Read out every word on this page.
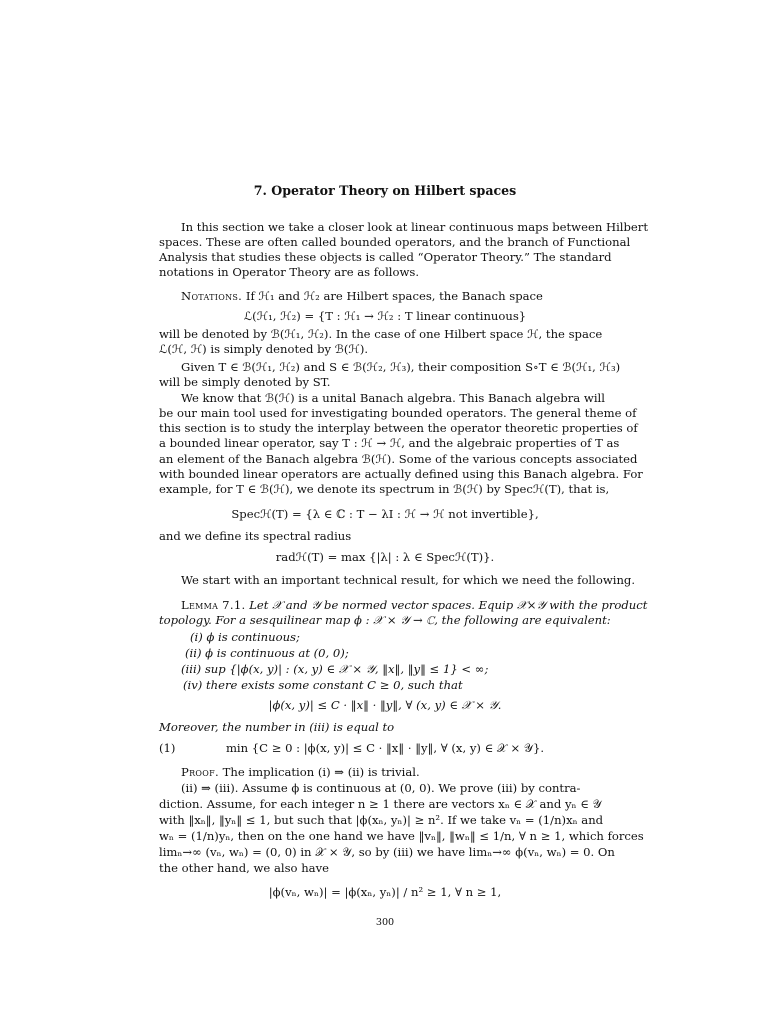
7. Operator Theory on Hilbert spaces
In this section we take a closer look at linear continuous maps between Hilbert
spaces. These are often called bounded operators, and the branch of Functional
Analysis that studies these objects is called “Operator Theory.” The standard
notations in Operator Theory are as follows.
Notations. If ℋ₁ and ℋ₂ are Hilbert spaces, the Banach space
ℒ(ℋ₁, ℋ₂) = {T : ℋ₁ → ℋ₂ : T linear continuous}
will be denoted by ℬ(ℋ₁, ℋ₂). In the case of one Hilbert space ℋ, the space
ℒ(ℋ, ℋ) is simply denoted by ℬ(ℋ).
Given T ∈ ℬ(ℋ₁, ℋ₂) and S ∈ ℬ(ℋ₂, ℋ₃), their composition S∘T ∈ ℬ(ℋ₁, ℋ₃)
will be simply denoted by ST.
We know that ℬ(ℋ) is a unital Banach algebra. This Banach algebra will
be our main tool used for investigating bounded operators. The general theme of
this section is to study the interplay between the operator theoretic properties of
a bounded linear operator, say T : ℋ → ℋ, and the algebraic properties of T as
an element of the Banach algebra ℬ(ℋ). Some of the various concepts associated
with bounded linear operators are actually defined using this Banach algebra. For
example, for T ∈ ℬ(ℋ), we denote its spectrum in ℬ(ℋ) by Specℋ(T), that is,
Specℋ(T) = {λ ∈ ℂ : T − λI : ℋ → ℋ not invertible},
and we define its spectral radius
radℋ(T) = max {|λ| : λ ∈ Specℋ(T)}.
We start with an important technical result, for which we need the following.
Lemma 7.1. Let 𝒳 and 𝒴 be normed vector spaces. Equip 𝒳×𝒴 with the product
topology. For a sesquilinear map ϕ : 𝒳 × 𝒴 → ℂ, the following are equivalent:
(i) ϕ is continuous;
(ii) ϕ is continuous at (0, 0);
(iii) sup {|ϕ(x, y)| : (x, y) ∈ 𝒳 × 𝒴, ‖x‖, ‖y‖ ≤ 1} < ∞;
(iv) there exists some constant C ≥ 0, such that
|ϕ(x, y)| ≤ C · ‖x‖ · ‖y‖, ∀ (x, y) ∈ 𝒳 × 𝒴.
Moreover, the number in (iii) is equal to
(1)	min {C ≥ 0 : |ϕ(x, y)| ≤ C · ‖x‖ · ‖y‖, ∀ (x, y) ∈ 𝒳 × 𝒴}.
Proof. The implication (i) ⇒ (ii) is trivial.
(ii) ⇒ (iii). Assume ϕ is continuous at (0, 0). We prove (iii) by contra-
diction. Assume, for each integer n ≥ 1 there are vectors xₙ ∈ 𝒳 and yₙ ∈ 𝒴
with ‖xₙ‖, ‖yₙ‖ ≤ 1, but such that |ϕ(xₙ, yₙ)| ≥ n². If we take vₙ = (1/n)xₙ and
wₙ = (1/n)yₙ, then on the one hand we have ‖vₙ‖, ‖wₙ‖ ≤ 1/n, ∀ n ≥ 1, which forces
limₙ→∞ (vₙ, wₙ) = (0, 0) in 𝒳 × 𝒴, so by (iii) we have limₙ→∞ ϕ(vₙ, wₙ) = 0. On
the other hand, we also have
|ϕ(vₙ, wₙ)| = |ϕ(xₙ, yₙ)| / n² ≥ 1, ∀ n ≥ 1,
300
